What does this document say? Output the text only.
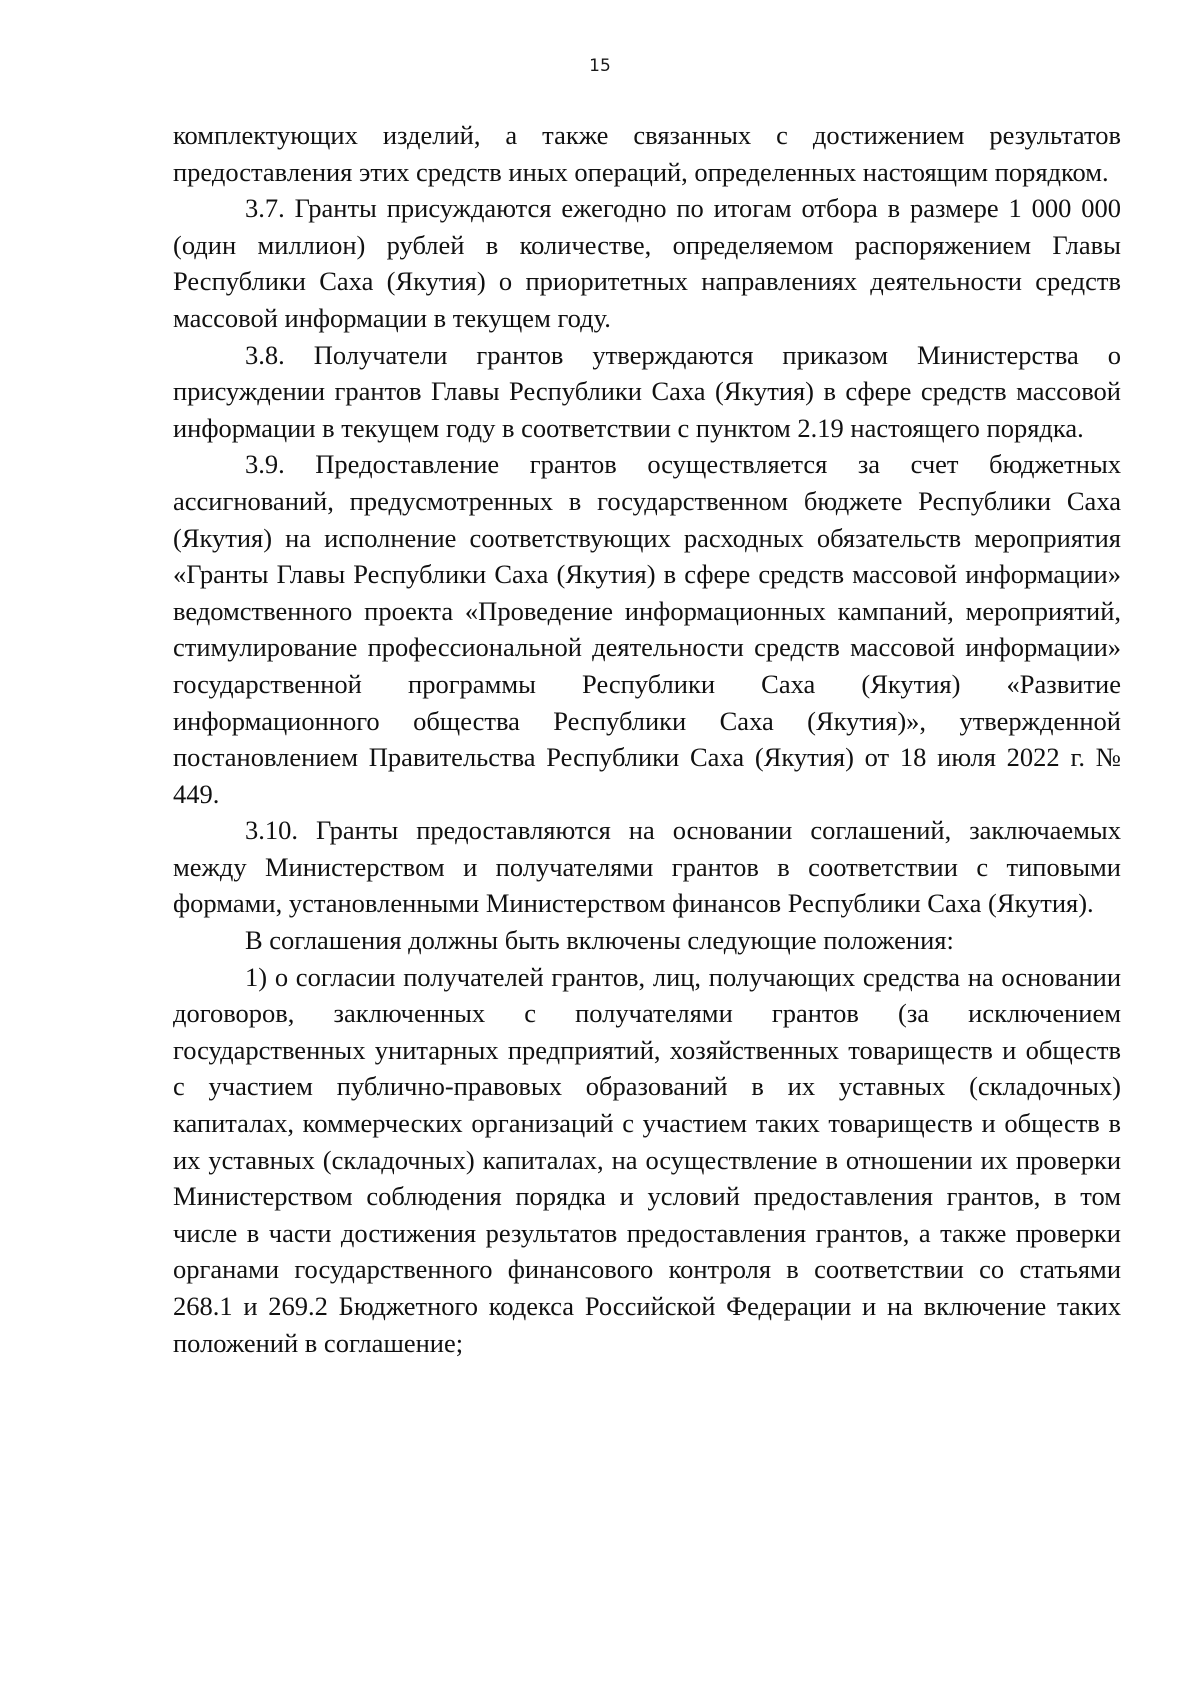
15

комплектующих изделий, а также связанных с достижением результатов предоставления этих средств иных операций, определенных настоящим порядком.

3.7. Гранты присуждаются ежегодно по итогам отбора в размере 1 000 000 (один миллион) рублей в количестве, определяемом распоряжением Главы Республики Саха (Якутия) о приоритетных направлениях деятельности средств массовой информации в текущем году.

3.8. Получатели грантов утверждаются приказом Министерства о присуждении грантов Главы Республики Саха (Якутия) в сфере средств массовой информации в текущем году в соответствии с пунктом 2.19 настоящего порядка.

3.9. Предоставление грантов осуществляется за счет бюджетных ассигнований, предусмотренных в государственном бюджете Республики Саха (Якутия) на исполнение соответствующих расходных обязательств мероприятия «Гранты Главы Республики Саха (Якутия) в сфере средств массовой информации» ведомственного проекта «Проведение информационных кампаний, мероприятий, стимулирование профессиональной деятельности средств массовой информации» государственной программы Республики Саха (Якутия) «Развитие информационного общества Республики Саха (Якутия)», утвержденной постановлением Правительства Республики Саха (Якутия) от 18 июля 2022 г. № 449.

3.10. Гранты предоставляются на основании соглашений, заключаемых между Министерством и получателями грантов в соответствии с типовыми формами, установленными Министерством финансов Республики Саха (Якутия).

В соглашения должны быть включены следующие положения:

1) о согласии получателей грантов, лиц, получающих средства на основании договоров, заключенных с получателями грантов (за исключением государственных унитарных предприятий, хозяйственных товариществ и обществ с участием публично-правовых образований в их уставных (складочных) капиталах, коммерческих организаций с участием таких товариществ и обществ в их уставных (складочных) капиталах, на осуществление в отношении их проверки Министерством соблюдения порядка и условий предоставления грантов, в том числе в части достижения результатов предоставления грантов, а также проверки органами государственного финансового контроля в соответствии со статьями 268.1 и 269.2 Бюджетного кодекса Российской Федерации и на включение таких положений в соглашение;
